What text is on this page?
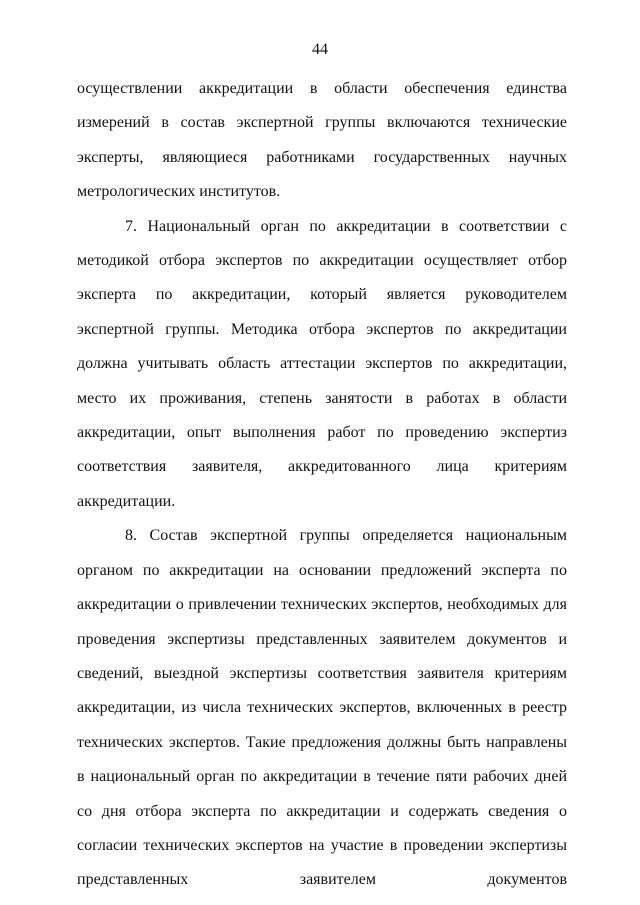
44

осуществлении аккредитации в области обеспечения единства измерений в состав экспертной группы включаются технические эксперты, являющиеся работниками государственных научных метрологических институтов.

7. Национальный орган по аккредитации в соответствии с методикой отбора экспертов по аккредитации осуществляет отбор эксперта по аккредитации, который является руководителем экспертной группы. Методика отбора экспертов по аккредитации должна учитывать область аттестации экспертов по аккредитации, место их проживания, степень занятости в работах в области аккредитации, опыт выполнения работ по проведению экспертиз соответствия заявителя, аккредитованного лица критериям аккредитации.

8. Состав экспертной группы определяется национальным органом по аккредитации на основании предложений эксперта по аккредитации о привлечении технических экспертов, необходимых для проведения экспертизы представленных заявителем документов и сведений, выездной экспертизы соответствия заявителя критериям аккредитации, из числа технических экспертов, включенных в реестр технических экспертов. Такие предложения должны быть направлены в национальный орган по аккредитации в течение пяти рабочих дней со дня отбора эксперта по аккредитации и содержать сведения о согласии технических экспертов на участие в проведении экспертизы представленных заявителем документов
